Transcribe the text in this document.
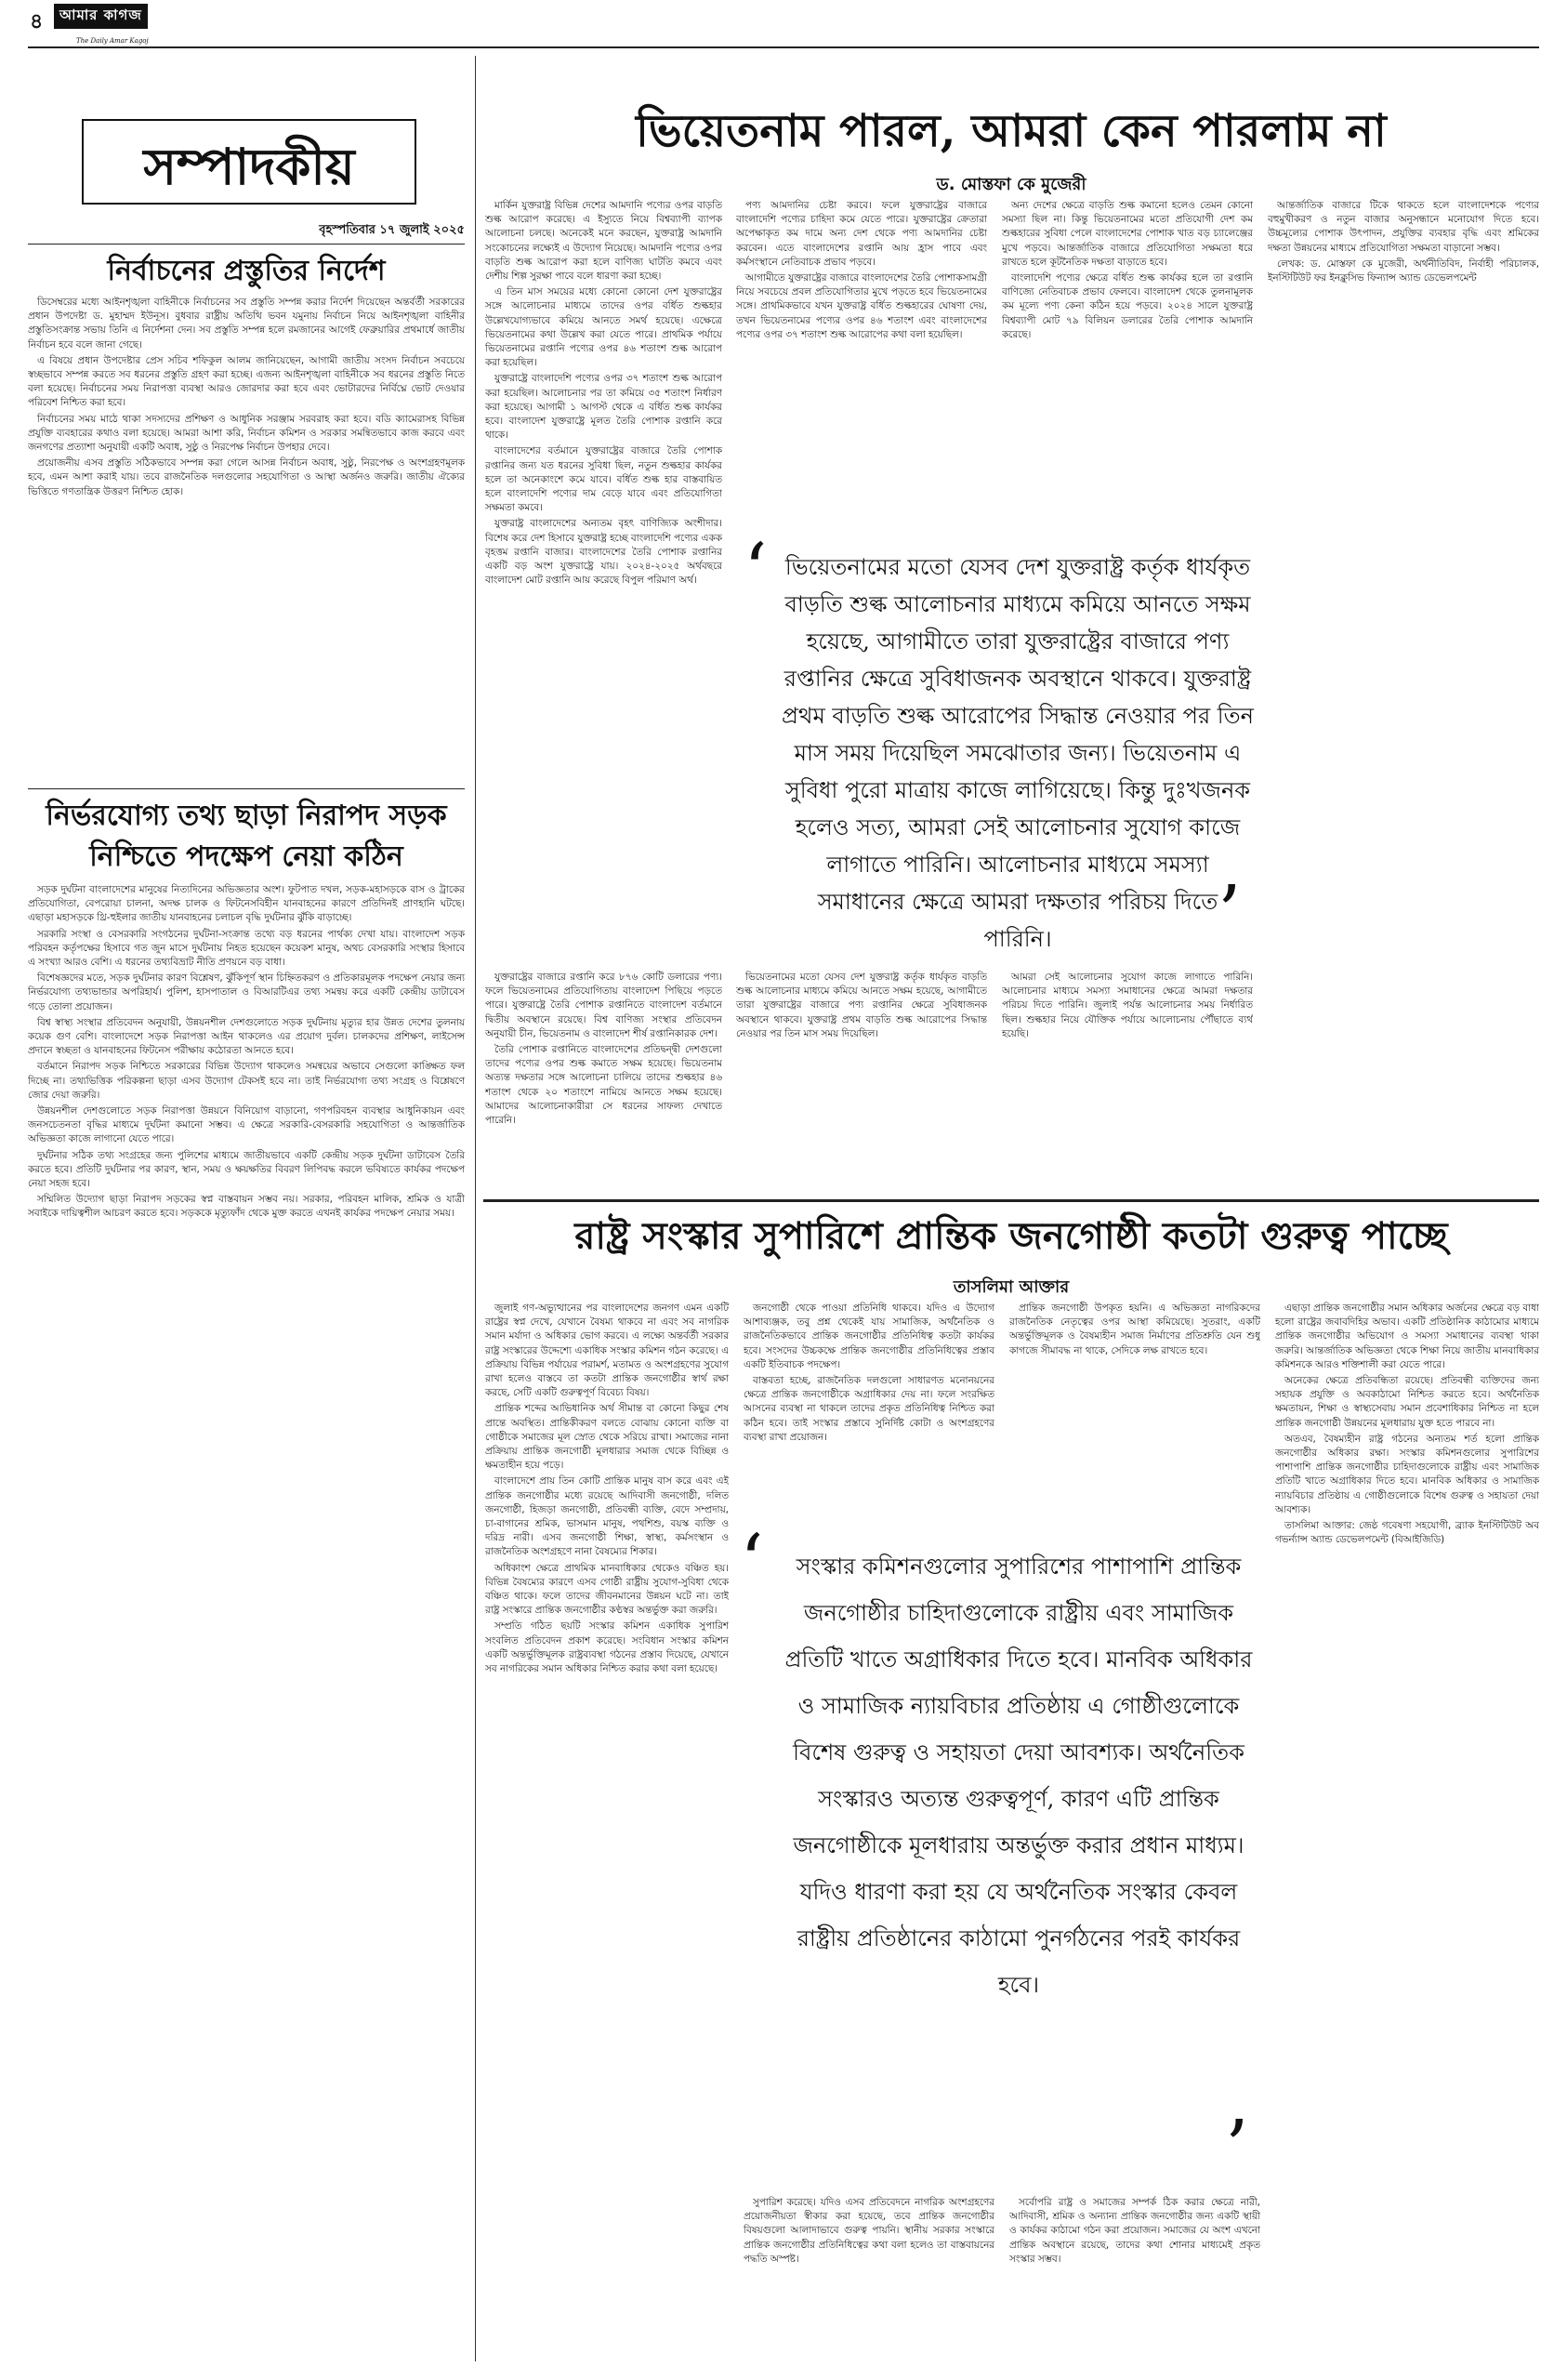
৪	আমার কাগজ
The Daily Amar Kagoj
সম্পাদকীয়
বৃহস্পতিবার ১৭ জুলাই ২০২৫
নির্বাচনের প্রস্তুতির নির্দেশ

ডিসেম্বরের মধ্যে আইনশৃঙ্খলা বাহিনীকে নির্বাচনের সব প্রস্তুতি সম্পন্ন করার নির্দেশ দিয়েছেন অন্তর্বর্তী সরকারের প্রধান উপদেষ্টা ড. মুহাম্মদ ইউনূস। বুধবার রাষ্ট্রীয় অতিথি ভবন যমুনায় নির্বাচন নিয়ে আইনশৃঙ্খলা বাহিনীর প্রস্তুতিসংক্রান্ত সভায় তিনি এ নির্দেশনা দেন। সব প্রস্তুতি সম্পন্ন হলে রমজানের আগেই ফেব্রুয়ারির প্রথমার্ধে জাতীয় নির্বাচন হবে বলে জানা গেছে।

এ বিষয়ে প্রধান উপদেষ্টার প্রেস সচিব শফিকুল আলম জানিয়েছেন, আগামী জাতীয় সংসদ নির্বাচন সবচেয়ে স্বচ্ছভাবে সম্পন্ন করতে সব ধরনের প্রস্তুতি গ্রহণ করা হচ্ছে। এজন্য আইনশৃঙ্খলা বাহিনীকে সব ধরনের প্রস্তুতি নিতে বলা হয়েছে। নির্বাচনের সময় নিরাপত্তা ব্যবস্থা আরও জোরদার করা হবে এবং ভোটারদের নির্বিঘ্নে ভোট দেওয়ার পরিবেশ নিশ্চিত করা হবে।

নির্বাচনের সময় মাঠে থাকা সদস্যদের প্রশিক্ষণ ও আধুনিক সরঞ্জাম সরবরাহ করা হবে। বডি ক্যামেরাসহ বিভিন্ন প্রযুক্তি ব্যবহারের কথাও বলা হয়েছে। আমরা আশা করি, নির্বাচন কমিশন ও সরকার সমন্বিতভাবে কাজ করবে এবং জনগণের প্রত্যাশা অনুযায়ী একটি অবাধ, সুষ্ঠু ও নিরপেক্ষ নির্বাচন উপহার দেবে।

প্রয়োজনীয় এসব প্রস্তুতি সঠিকভাবে সম্পন্ন করা গেলে আসন্ন নির্বাচন অবাধ, সুষ্ঠু, নিরপেক্ষ ও অংশগ্রহণমূলক হবে, এমন আশা করাই যায়। তবে রাজনৈতিক দলগুলোর সহযোগিতা ও আস্থা অর্জনও জরুরি। জাতীয় ঐক্যের ভিত্তিতে গণতান্ত্রিক উত্তরণ নিশ্চিত হোক।

নির্ভরযোগ্য তথ্য ছাড়া নিরাপদ সড়ক নিশ্চিতে পদক্ষেপ নেয়া কঠিন

সড়ক দুর্ঘটনা বাংলাদেশের মানুষের নিত্যদিনের অভিজ্ঞতার অংশ। ফুটপাত দখল, সড়ক-মহাসড়কে বাস ও ট্রাকের প্রতিযোগিতা, বেপরোয়া চালনা, অদক্ষ চালক ও ফিটনেসবিহীন যানবাহনের কারণে প্রতিদিনই প্রাণহানি ঘটছে। এছাড়া মহাসড়কে থ্রি-হুইলার জাতীয় যানবাহনের চলাচল বৃদ্ধি দুর্ঘটনার ঝুঁকি বাড়াচ্ছে।

সরকারি সংস্থা ও বেসরকারি সংগঠনের দুর্ঘটনা-সংক্রান্ত তথ্যে বড় ধরনের পার্থক্য দেখা যায়। বাংলাদেশ সড়ক পরিবহন কর্তৃপক্ষের হিসাবে গত জুন মাসে দুর্ঘটনায় নিহত হয়েছেন কয়েকশ মানুষ, অথচ বেসরকারি সংস্থার হিসাবে এ সংখ্যা আরও বেশি। এ ধরনের তথ্যবিভ্রাট নীতি প্রণয়নে বড় বাধা।

বিশেষজ্ঞদের মতে, সড়ক দুর্ঘটনার কারণ বিশ্লেষণ, ঝুঁকিপূর্ণ স্থান চিহ্নিতকরণ ও প্রতিকারমূলক পদক্ষেপ নেয়ার জন্য নির্ভরযোগ্য তথ্যভান্ডার অপরিহার্য। পুলিশ, হাসপাতাল ও বিআরটিএর তথ্য সমন্বয় করে একটি কেন্দ্রীয় ডাটাবেস গড়ে তোলা প্রয়োজন।

বিশ্ব স্বাস্থ্য সংস্থার প্রতিবেদন অনুযায়ী, উন্নয়নশীল দেশগুলোতে সড়ক দুর্ঘটনায় মৃত্যুর হার উন্নত দেশের তুলনায় কয়েক গুণ বেশি। বাংলাদেশে সড়ক নিরাপত্তা আইন থাকলেও এর প্রয়োগ দুর্বল। চালকদের প্রশিক্ষণ, লাইসেন্স প্রদানে স্বচ্ছতা ও যানবাহনের ফিটনেস পরীক্ষায় কঠোরতা আনতে হবে।

বর্তমানে নিরাপদ সড়ক নিশ্চিতে সরকারের বিভিন্ন উদ্যোগ থাকলেও সমন্বয়ের অভাবে সেগুলো কাঙ্ক্ষিত ফল দিচ্ছে না। তথ্যভিত্তিক পরিকল্পনা ছাড়া এসব উদ্যোগ টেকসই হবে না। তাই নির্ভরযোগ্য তথ্য সংগ্রহ ও বিশ্লেষণে জোর দেয়া জরুরি।

উন্নয়নশীল দেশগুলোতে সড়ক নিরাপত্তা উন্নয়নে বিনিয়োগ বাড়ানো, গণপরিবহন ব্যবস্থার আধুনিকায়ন এবং জনসচেতনতা বৃদ্ধির মাধ্যমে দুর্ঘটনা কমানো সম্ভব। এ ক্ষেত্রে সরকারি-বেসরকারি সহযোগিতা ও আন্তর্জাতিক অভিজ্ঞতা কাজে লাগানো যেতে পারে।

দুর্ঘটনার সঠিক তথ্য সংগ্রহের জন্য পুলিশের মাধ্যমে জাতীয়ভাবে একটি কেন্দ্রীয় সড়ক দুর্ঘটনা ডাটাবেস তৈরি করতে হবে। প্রতিটি দুর্ঘটনার পর কারণ, স্থান, সময় ও ক্ষয়ক্ষতির বিবরণ লিপিবদ্ধ করলে ভবিষ্যতে কার্যকর পদক্ষেপ নেয়া সহজ হবে।

সম্মিলিত উদ্যোগ ছাড়া নিরাপদ সড়কের স্বপ্ন বাস্তবায়ন সম্ভব নয়। সরকার, পরিবহন মালিক, শ্রমিক ও যাত্রী সবাইকে দায়িত্বশীল আচরণ করতে হবে। সড়ককে মৃত্যুফাঁদ থেকে মুক্ত করতে এখনই কার্যকর পদক্ষেপ নেয়ার সময়।

ভিয়েতনাম পারল, আমরা কেন পারলাম না
ড. মোস্তফা কে মুজেরী

মার্কিন যুক্তরাষ্ট্র বিভিন্ন দেশের আমদানি পণ্যের ওপর বাড়তি শুল্ক আরোপ করেছে। এ ইস্যুতে নিয়ে বিশ্বব্যাপী ব্যাপক আলোচনা চলছে। অনেকেই মনে করছেন, যুক্তরাষ্ট্র আমদানি সংকোচনের লক্ষ্যেই এ উদ্যোগ নিয়েছে। আমদানি পণ্যের ওপর বাড়তি শুল্ক আরোপ করা হলে বাণিজ্য ঘাটতি কমবে এবং দেশীয় শিল্প সুরক্ষা পাবে বলে ধারণা করা হচ্ছে।

এ তিন মাস সময়ের মধ্যে কোনো কোনো দেশ যুক্তরাষ্ট্রের সঙ্গে আলোচনার মাধ্যমে তাদের ওপর বর্ধিত শুল্কহার উল্লেখযোগ্যভাবে কমিয়ে আনতে সমর্থ হয়েছে। এক্ষেত্রে ভিয়েতনামের কথা উল্লেখ করা যেতে পারে। প্রাথমিক পর্যায়ে ভিয়েতনামের রপ্তানি পণ্যের ওপর ৪৬ শতাংশ শুল্ক আরোপ করা হয়েছিল।

যুক্তরাষ্ট্রে বাংলাদেশি পণ্যের ওপর ৩৭ শতাংশ শুল্ক আরোপ করা হয়েছিল। আলোচনার পর তা কমিয়ে ৩৫ শতাংশ নির্ধারণ করা হয়েছে। আগামী ১ আগস্ট থেকে এ বর্ধিত শুল্ক কার্যকর হবে। বাংলাদেশ যুক্তরাষ্ট্রে মূলত তৈরি পোশাক রপ্তানি করে থাকে।

বাংলাদেশের বর্তমানে যুক্তরাষ্ট্রের বাজারে তৈরি পোশাক রপ্তানির জন্য যত ধরনের সুবিধা ছিল, নতুন শুল্কহার কার্যকর হলে তা অনেকাংশে কমে যাবে। বর্ধিত শুল্ক হার বাস্তবায়িত হলে বাংলাদেশি পণ্যের দাম বেড়ে যাবে এবং প্রতিযোগিতা সক্ষমতা কমবে।

যুক্তরাষ্ট্র বাংলাদেশের অন্যতম বৃহৎ বাণিজ্যিক অংশীদার। বিশেষ করে দেশ হিসাবে যুক্তরাষ্ট্র হচ্ছে বাংলাদেশি পণ্যের একক বৃহত্তম রপ্তানি বাজার। বাংলাদেশের তৈরি পোশাক রপ্তানির একটি বড় অংশ যুক্তরাষ্ট্রে যায়। ২০২৪-২০২৫ অর্থবছরে বাংলাদেশ মোট রপ্তানি আয় করেছে বিপুল পরিমাণ অর্থ।

যুক্তরাষ্ট্রের বাজারে রপ্তানি করে ৮৭৬ কোটি ডলারের পণ্য। ফলে ভিয়েতনামের প্রতিযোগিতায় বাংলাদেশ পিছিয়ে পড়তে পারে। যুক্তরাষ্ট্রে তৈরি পোশাক রপ্তানিতে বাংলাদেশ বর্তমানে দ্বিতীয় অবস্থানে রয়েছে। বিশ্ব বাণিজ্য সংস্থার প্রতিবেদন অনুযায়ী চীন, ভিয়েতনাম ও বাংলাদেশ শীর্ষ রপ্তানিকারক দেশ।

তৈরি পোশাক রপ্তানিতে বাংলাদেশের প্রতিদ্বন্দ্বী দেশগুলো তাদের পণ্যের ওপর শুল্ক কমাতে সক্ষম হয়েছে। ভিয়েতনাম অত্যন্ত দক্ষতার সঙ্গে আলোচনা চালিয়ে তাদের শুল্কহার ৪৬ শতাংশ থেকে ২০ শতাংশে নামিয়ে আনতে সক্ষম হয়েছে। আমাদের আলোচনাকারীরা সে ধরনের সাফল্য দেখাতে পারেনি।

পণ্য আমদানির চেষ্টা করবে। ফলে যুক্তরাষ্ট্রের বাজারে বাংলাদেশি পণ্যের চাহিদা কমে যেতে পারে। যুক্তরাষ্ট্রের ক্রেতারা অপেক্ষাকৃত কম দামে অন্য দেশ থেকে পণ্য আমদানির চেষ্টা করবেন। এতে বাংলাদেশের রপ্তানি আয় হ্রাস পাবে এবং কর্মসংস্থানে নেতিবাচক প্রভাব পড়বে।

আগামীতে যুক্তরাষ্ট্রের বাজারে বাংলাদেশের তৈরি পোশাকসামগ্রী নিয়ে সবচেয়ে প্রবল প্রতিযোগিতার মুখে পড়তে হবে ভিয়েতনামের সঙ্গে। প্রাথমিকভাবে যখন যুক্তরাষ্ট্র বর্ধিত শুল্কহারের ঘোষণা দেয়, তখন ভিয়েতনামের পণ্যের ওপর ৪৬ শতাংশ এবং বাংলাদেশের পণ্যের ওপর ৩৭ শতাংশ শুল্ক আরোপের কথা বলা হয়েছিল।

ভিয়েতনামের মতো যেসব দেশ যুক্তরাষ্ট্র কর্তৃক ধার্যকৃত বাড়তি শুল্ক আলোচনার মাধ্যমে কমিয়ে আনতে সক্ষম হয়েছে, আগামীতে তারা যুক্তরাষ্ট্রের বাজারে পণ্য রপ্তানির ক্ষেত্রে সুবিধাজনক অবস্থানে থাকবে। যুক্তরাষ্ট্র প্রথম বাড়তি শুল্ক আরোপের সিদ্ধান্ত নেওয়ার পর তিন মাস সময় দিয়েছিল।

অন্য দেশের ক্ষেত্রে বাড়তি শুল্ক কমানো হলেও তেমন কোনো সমস্যা ছিল না। কিন্তু ভিয়েতনামের মতো প্রতিযোগী দেশ কম শুল্কহারের সুবিধা পেলে বাংলাদেশের পোশাক খাত বড় চ্যালেঞ্জের মুখে পড়বে। আন্তর্জাতিক বাজারে প্রতিযোগিতা সক্ষমতা ধরে রাখতে হলে কূটনৈতিক দক্ষতা বাড়াতে হবে।

বাংলাদেশি পণ্যের ক্ষেত্রে বর্ধিত শুল্ক কার্যকর হলে তা রপ্তানি বাণিজ্যে নেতিবাচক প্রভাব ফেলবে। বাংলাদেশ থেকে তুলনামূলক কম মূল্যে পণ্য কেনা কঠিন হয়ে পড়বে। ২০২৪ সালে যুক্তরাষ্ট্র বিশ্বব্যাপী মোট ৭৯ বিলিয়ন ডলারের তৈরি পোশাক আমদানি করেছে।

আমরা সেই আলোচনার সুযোগ কাজে লাগাতে পারিনি। আলোচনার মাধ্যমে সমস্যা সমাধানের ক্ষেত্রে আমরা দক্ষতার পরিচয় দিতে পারিনি। জুলাই পর্যন্ত আলোচনার সময় নির্ধারিত ছিল। শুল্কহার নিয়ে যৌক্তিক পর্যায়ে আলোচনায় পৌঁছাতে ব্যর্থ হয়েছি।

আন্তর্জাতিক বাজারে টিকে থাকতে হলে বাংলাদেশকে পণ্যের বহুমুখীকরণ ও নতুন বাজার অনুসন্ধানে মনোযোগ দিতে হবে। উচ্চমূল্যের পোশাক উৎপাদন, প্রযুক্তির ব্যবহার বৃদ্ধি এবং শ্রমিকের দক্ষতা উন্নয়নের মাধ্যমে প্রতিযোগিতা সক্ষমতা বাড়ানো সম্ভব।

লেখক: ড. মোস্তফা কে মুজেরী, অর্থনীতিবিদ, নির্বাহী পরিচালক, ইনস্টিটিউট ফর ইনক্লুসিভ ফিন্যান্স অ্যান্ড ডেভেলপমেন্ট

‘ ভিয়েতনামের মতো যেসব দেশ যুক্তরাষ্ট্র কর্তৃক ধার্যকৃত বাড়তি শুল্ক আলোচনার মাধ্যমে কমিয়ে আনতে সক্ষম হয়েছে, আগামীতে তারা যুক্তরাষ্ট্রের বাজারে পণ্য রপ্তানির ক্ষেত্রে সুবিধাজনক অবস্থানে থাকবে। যুক্তরাষ্ট্র প্রথম বাড়তি শুল্ক আরোপের সিদ্ধান্ত নেওয়ার পর তিন মাস সময় দিয়েছিল সমঝোতার জন্য। ভিয়েতনাম এ সুবিধা পুরো মাত্রায় কাজে লাগিয়েছে। কিন্তু দুঃখজনক হলেও সত্য, আমরা সেই আলোচনার সুযোগ কাজে লাগাতে পারিনি। আলোচনার মাধ্যমে সমস্যা সমাধানের ক্ষেত্রে আমরা দক্ষতার পরিচয় দিতে পারিনি।	’
রাষ্ট্র সংস্কার সুপারিশে প্রান্তিক জনগোষ্ঠী কতটা গুরুত্ব পাচ্ছে
তাসলিমা আক্তার

জুলাই গণ-অভ্যুত্থানের পর বাংলাদেশের জনগণ এমন একটি রাষ্ট্রের স্বপ্ন দেখে, যেখানে বৈষম্য থাকবে না এবং সব নাগরিক সমান মর্যাদা ও অধিকার ভোগ করবে। এ লক্ষ্যে অন্তর্বর্তী সরকার রাষ্ট্র সংস্কারের উদ্দেশ্যে একাধিক সংস্কার কমিশন গঠন করেছে। এ প্রক্রিয়ায় বিভিন্ন পর্যায়ের পরামর্শ, মতামত ও অংশগ্রহণের সুযোগ রাখা হলেও বাস্তবে তা কতটা প্রান্তিক জনগোষ্ঠীর স্বার্থ রক্ষা করছে, সেটি একটি গুরুত্বপূর্ণ বিবেচ্য বিষয়।

প্রান্তিক শব্দের আভিধানিক অর্থ সীমান্ত বা কোনো কিছুর শেষ প্রান্তে অবস্থিত। প্রান্তিকীকরণ বলতে বোঝায় কোনো ব্যক্তি বা গোষ্ঠীকে সমাজের মূল স্রোত থেকে সরিয়ে রাখা। সমাজের নানা প্রক্রিয়ায় প্রান্তিক জনগোষ্ঠী মূলধারার সমাজ থেকে বিচ্ছিন্ন ও ক্ষমতাহীন হয়ে পড়ে।

বাংলাদেশে প্রায় তিন কোটি প্রান্তিক মানুষ বাস করে এবং এই প্রান্তিক জনগোষ্ঠীর মধ্যে রয়েছে আদিবাসী জনগোষ্ঠী, দলিত জনগোষ্ঠী, হিজড়া জনগোষ্ঠী, প্রতিবন্ধী ব্যক্তি, বেদে সম্প্রদায়, চা-বাগানের শ্রমিক, ভাসমান মানুষ, পথশিশু, বয়স্ক ব্যক্তি ও দরিদ্র নারী। এসব জনগোষ্ঠী শিক্ষা, স্বাস্থ্য, কর্মসংস্থান ও রাজনৈতিক অংশগ্রহণে নানা বৈষম্যের শিকার।

অধিকাংশ ক্ষেত্রে প্রাথমিক মানবাধিকার থেকেও বঞ্চিত হয়। বিভিন্ন বৈষম্যের কারণে এসব গোষ্ঠী রাষ্ট্রীয় সুযোগ-সুবিধা থেকে বঞ্চিত থাকে। ফলে তাদের জীবনমানের উন্নয়ন ঘটে না। তাই রাষ্ট্র সংস্কারে প্রান্তিক জনগোষ্ঠীর কণ্ঠস্বর অন্তর্ভুক্ত করা জরুরি।

সম্প্রতি গঠিত ছয়টি সংস্কার কমিশন একাধিক সুপারিশ সংবলিত প্রতিবেদন প্রকাশ করেছে। সংবিধান সংস্কার কমিশন একটি অন্তর্ভুক্তিমূলক রাষ্ট্রব্যবস্থা গঠনের প্রস্তাব দিয়েছে, যেখানে সব নাগরিকের সমান অধিকার নিশ্চিত করার কথা বলা হয়েছে।

জনগোষ্ঠী থেকে পাওয়া প্রতিনিধি থাকবে। যদিও এ উদ্যোগ আশাব্যঞ্জক, তবু প্রশ্ন থেকেই যায় সামাজিক, অর্থনৈতিক ও রাজনৈতিকভাবে প্রান্তিক জনগোষ্ঠীর প্রতিনিধিত্ব কতটা কার্যকর হবে। সংসদের উচ্চকক্ষে প্রান্তিক জনগোষ্ঠীর প্রতিনিধিত্বের প্রস্তাব একটি ইতিবাচক পদক্ষেপ।

বাস্তবতা হচ্ছে, রাজনৈতিক দলগুলো সাধারণত মনোনয়নের ক্ষেত্রে প্রান্তিক জনগোষ্ঠীকে অগ্রাধিকার দেয় না। ফলে সংরক্ষিত আসনের ব্যবস্থা না থাকলে তাদের প্রকৃত প্রতিনিধিত্ব নিশ্চিত করা কঠিন হবে। তাই সংস্কার প্রস্তাবে সুনির্দিষ্ট কোটা ও অংশগ্রহণের ব্যবস্থা রাখা প্রয়োজন।

সুপারিশ করেছে। যদিও এসব প্রতিবেদনে নাগরিক অংশগ্রহণের প্রয়োজনীয়তা স্বীকার করা হয়েছে, তবে প্রান্তিক জনগোষ্ঠীর বিষয়গুলো আলাদাভাবে গুরুত্ব পায়নি। স্থানীয় সরকার সংস্কারে প্রান্তিক জনগোষ্ঠীর প্রতিনিধিত্বের কথা বলা হলেও তা বাস্তবায়নের পদ্ধতি অস্পষ্ট।

প্রান্তিক জনগোষ্ঠী উপকৃত হয়নি। এ অভিজ্ঞতা নাগরিকদের রাজনৈতিক নেতৃত্বের ওপর আস্থা কমিয়েছে। সুতরাং, একটি অন্তর্ভুক্তিমূলক ও বৈষম্যহীন সমাজ নির্মাণের প্রতিশ্রুতি যেন শুধু কাগজে সীমাবদ্ধ না থাকে, সেদিকে লক্ষ রাখতে হবে।

সর্বোপরি রাষ্ট্র ও সমাজের সম্পর্ক ঠিক করার ক্ষেত্রে নারী, আদিবাসী, শ্রমিক ও অন্যান্য প্রান্তিক জনগোষ্ঠীর জন্য একটি স্থায়ী ও কার্যকর কাঠামো গঠন করা প্রয়োজন। সমাজের যে অংশ এখনো প্রান্তিক অবস্থানে রয়েছে, তাদের কথা শোনার মাধ্যমেই প্রকৃত সংস্কার সম্ভব।

এছাড়া প্রান্তিক জনগোষ্ঠীর সমান অধিকার অর্জনের ক্ষেত্রে বড় বাধা হলো রাষ্ট্রের জবাবদিহির অভাব। একটি প্রতিষ্ঠানিক কাঠামোর মাধ্যমে প্রান্তিক জনগোষ্ঠীর অভিযোগ ও সমস্যা সমাধানের ব্যবস্থা থাকা জরুরি। আন্তর্জাতিক অভিজ্ঞতা থেকে শিক্ষা নিয়ে জাতীয় মানবাধিকার কমিশনকে আরও শক্তিশালী করা যেতে পারে।

অনেকের ক্ষেত্রে প্রতিবন্ধিতা রয়েছে। প্রতিবন্ধী ব্যক্তিদের জন্য সহায়ক প্রযুক্তি ও অবকাঠামো নিশ্চিত করতে হবে। অর্থনৈতিক ক্ষমতায়ন, শিক্ষা ও স্বাস্থ্যসেবায় সমান প্রবেশাধিকার নিশ্চিত না হলে প্রান্তিক জনগোষ্ঠী উন্নয়নের মূলধারায় যুক্ত হতে পারবে না।

অতএব, বৈষম্যহীন রাষ্ট্র গঠনের অন্যতম শর্ত হলো প্রান্তিক জনগোষ্ঠীর অধিকার রক্ষা। সংস্কার কমিশনগুলোর সুপারিশের পাশাপাশি প্রান্তিক জনগোষ্ঠীর চাহিদাগুলোকে রাষ্ট্রীয় এবং সামাজিক প্রতিটি খাতে অগ্রাধিকার দিতে হবে। মানবিক অধিকার ও সামাজিক ন্যায়বিচার প্রতিষ্ঠায় এ গোষ্ঠীগুলোকে বিশেষ গুরুত্ব ও সহায়তা দেয়া আবশ্যক।

তাসলিমা আক্তার: জেষ্ঠ গবেষণা সহযোগী, ব্র্যাক ইনস্টিটিউট অব গভর্ন্যান্স অ্যান্ড ডেভেলপমেন্ট (বিআইজিডি)

‘	সংস্কার কমিশনগুলোর সুপারিশের পাশাপাশি প্রান্তিক জনগোষ্ঠীর চাহিদাগুলোকে রাষ্ট্রীয় এবং সামাজিক প্রতিটি খাতে অগ্রাধিকার দিতে হবে। মানবিক অধিকার ও সামাজিক ন্যায়বিচার প্রতিষ্ঠায় এ গোষ্ঠীগুলোকে বিশেষ গুরুত্ব ও সহায়তা দেয়া আবশ্যক। অর্থনৈতিক সংস্কারও অত্যন্ত গুরুত্বপূর্ণ, কারণ এটি প্রান্তিক জনগোষ্ঠীকে মূলধারায় অন্তর্ভুক্ত করার প্রধান মাধ্যম। যদিও ধারণা করা হয় যে অর্থনৈতিক সংস্কার কেবল রাষ্ট্রীয় প্রতিষ্ঠানের কাঠামো পুনর্গঠনের পরই কার্যকর হবে।
’
